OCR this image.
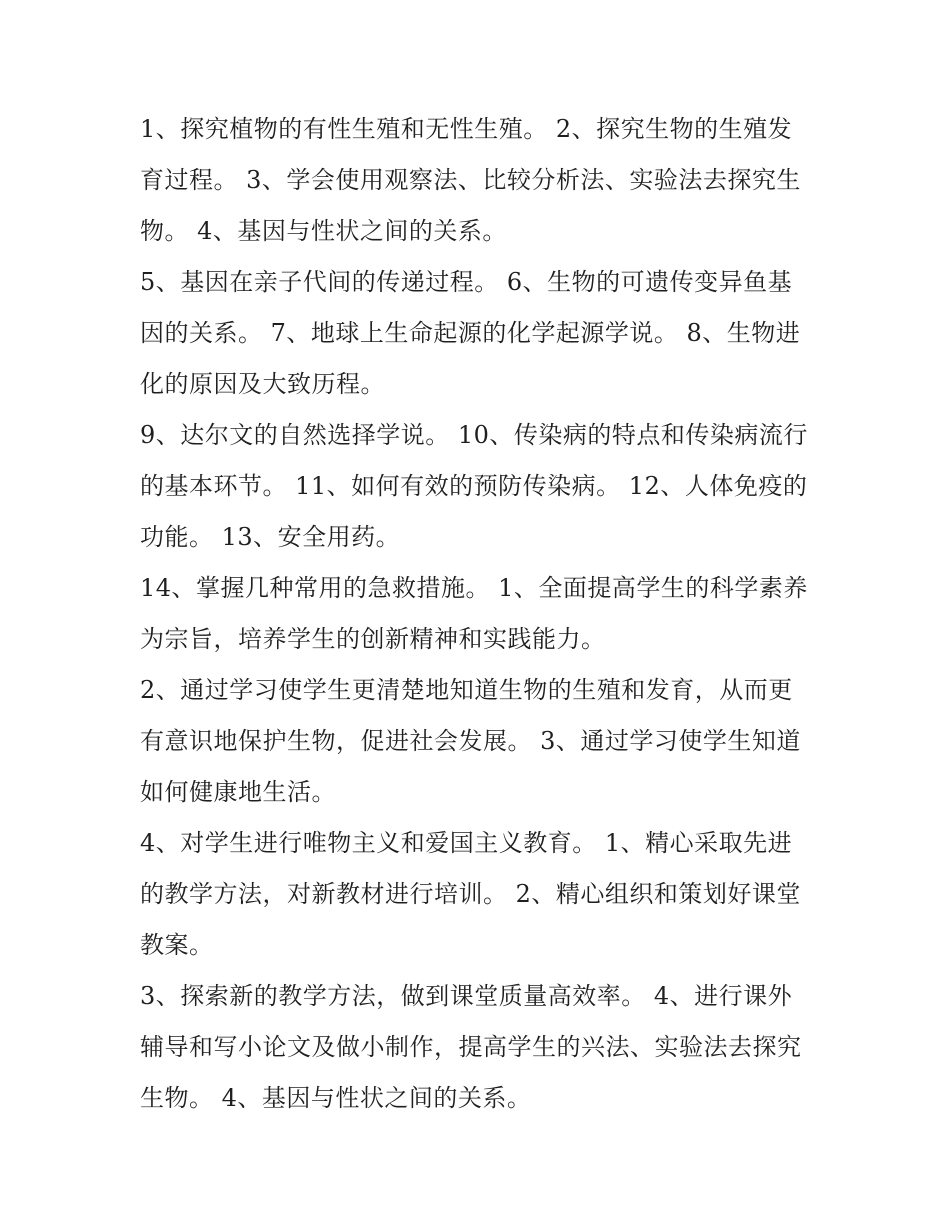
1、探究植物的有性生殖和无性生殖。 2、探究生物的生殖发
育过程。 3、学会使用观察法、比较分析法、实验法去探究生
物。 4、基因与性状之间的关系。

5、基因在亲子代间的传递过程。 6、生物的可遗传变异鱼基
因的关系。 7、地球上生命起源的化学起源学说。 8、生物进
化的原因及大致历程。

9、达尔文的自然选择学说。 10、传染病的特点和传染病流行
的基本环节。 11、如何有效的预防传染病。 12、人体免疫的
功能。 13、安全用药。

14、掌握几种常用的急救措施。 1、全面提高学生的科学素养
为宗旨，培养学生的创新精神和实践能力。

2、通过学习使学生更清楚地知道生物的生殖和发育，从而更
有意识地保护生物，促进社会发展。 3、通过学习使学生知道
如何健康地生活。

4、对学生进行唯物主义和爱国主义教育。 1、精心采取先进
的教学方法，对新教材进行培训。 2、精心组织和策划好课堂
教案。

3、探索新的教学方法，做到课堂质量高效率。 4、进行课外
辅导和写小论文及做小制作，提高学生的兴法、实验法去探究
生物。 4、基因与性状之间的关系。
